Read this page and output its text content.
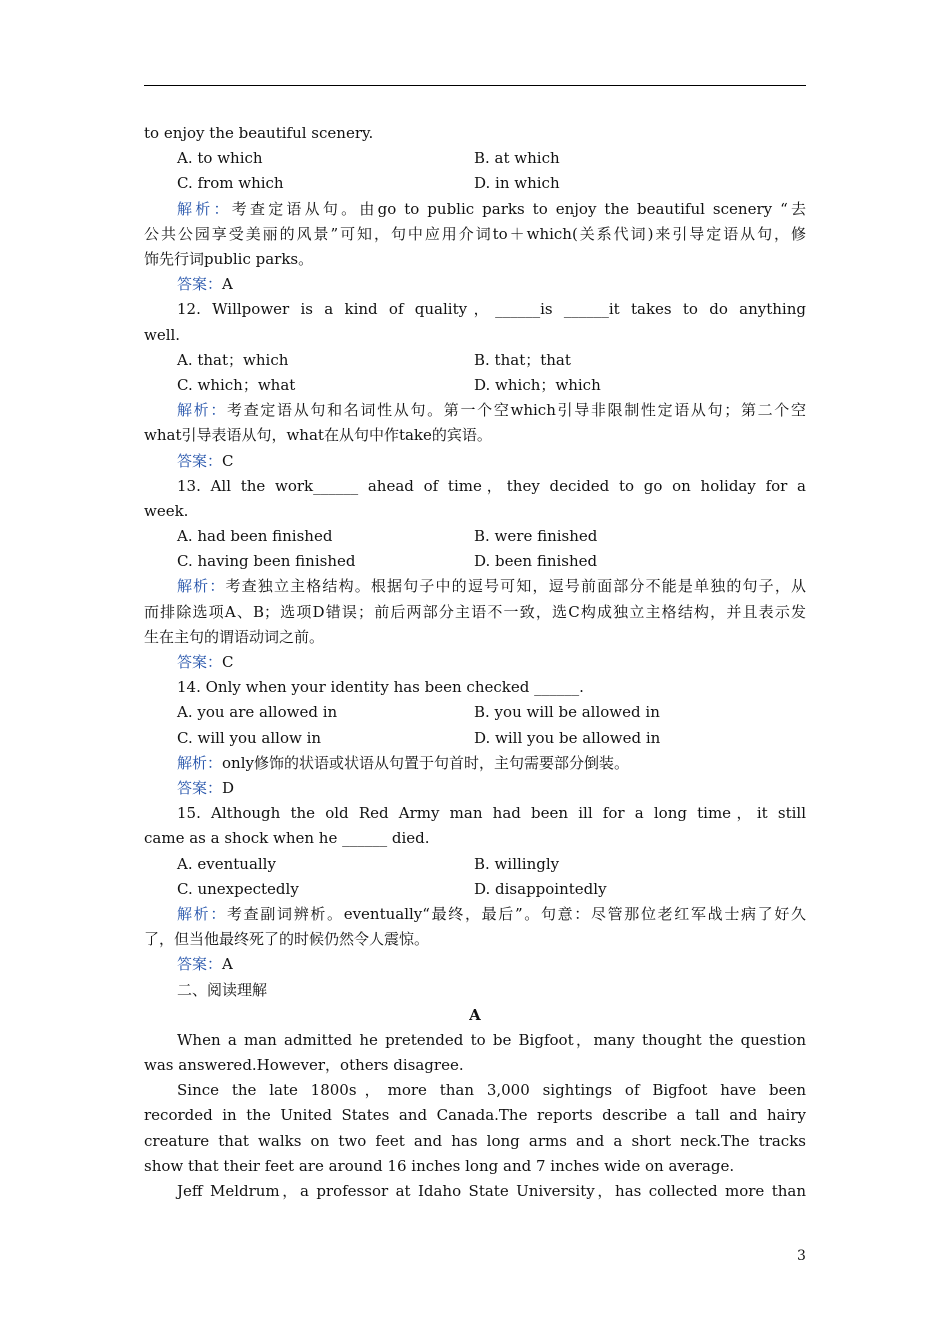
to enjoy the beautiful scenery.
A. to which	B. at which
C. from which	D. in which
解析：考查定语从句。由go to public parks to enjoy the beautiful scenery “去
公共公园享受美丽的风景”可知，句中应用介词to＋which(关系代词)来引导定语从句，修
饰先行词public parks。
答案：A
12. Willpower is a kind of quality，______is ______it takes to do anything
well.
A. that；which	B. that；that
C. which；what	D. which；which
解析：考查定语从句和名词性从句。第一个空which引导非限制性定语从句；第二个空
what引导表语从句，what在从句中作take的宾语。
答案：C
13. All the work______ ahead of time，they decided to go on holiday for a
week.
A. had been finished	B. were finished
C. having been finished	D. been finished
解析：考查独立主格结构。根据句子中的逗号可知，逗号前面部分不能是单独的句子，从
而排除选项A、B；选项D错误；前后两部分主语不一致，选C构成独立主格结构，并且表示发
生在主句的谓语动词之前。
答案：C
14. Only when your identity has been checked ______.
A. you are allowed in	B. you will be allowed in
C. will you allow in	D. will you be allowed in
解析：only修饰的状语或状语从句置于句首时，主句需要部分倒装。
答案：D
15. Although the old Red Army man had been ill for a long time，it still
came as a shock when he ______ died.
A. eventually	B. willingly
C. unexpectedly	D. disappointedly
解析：考查副词辨析。eventually“最终，最后”。句意：尽管那位老红军战士病了好久
了，但当他最终死了的时候仍然令人震惊。
答案：A
二、阅读理解
A
When a man admitted he pretended to be Bigfoot，many thought the question
was answered.However，others disagree.
Since the late 1800s，more than 3,000 sightings of Bigfoot have been
recorded in the United States and Canada.The reports describe a tall and hairy
creature that walks on two feet and has long arms and a short neck.The tracks
show that their feet are around 16 inches long and 7 inches wide on average.
Jeff Meldrum，a professor at Idaho State University，has collected more than
3
